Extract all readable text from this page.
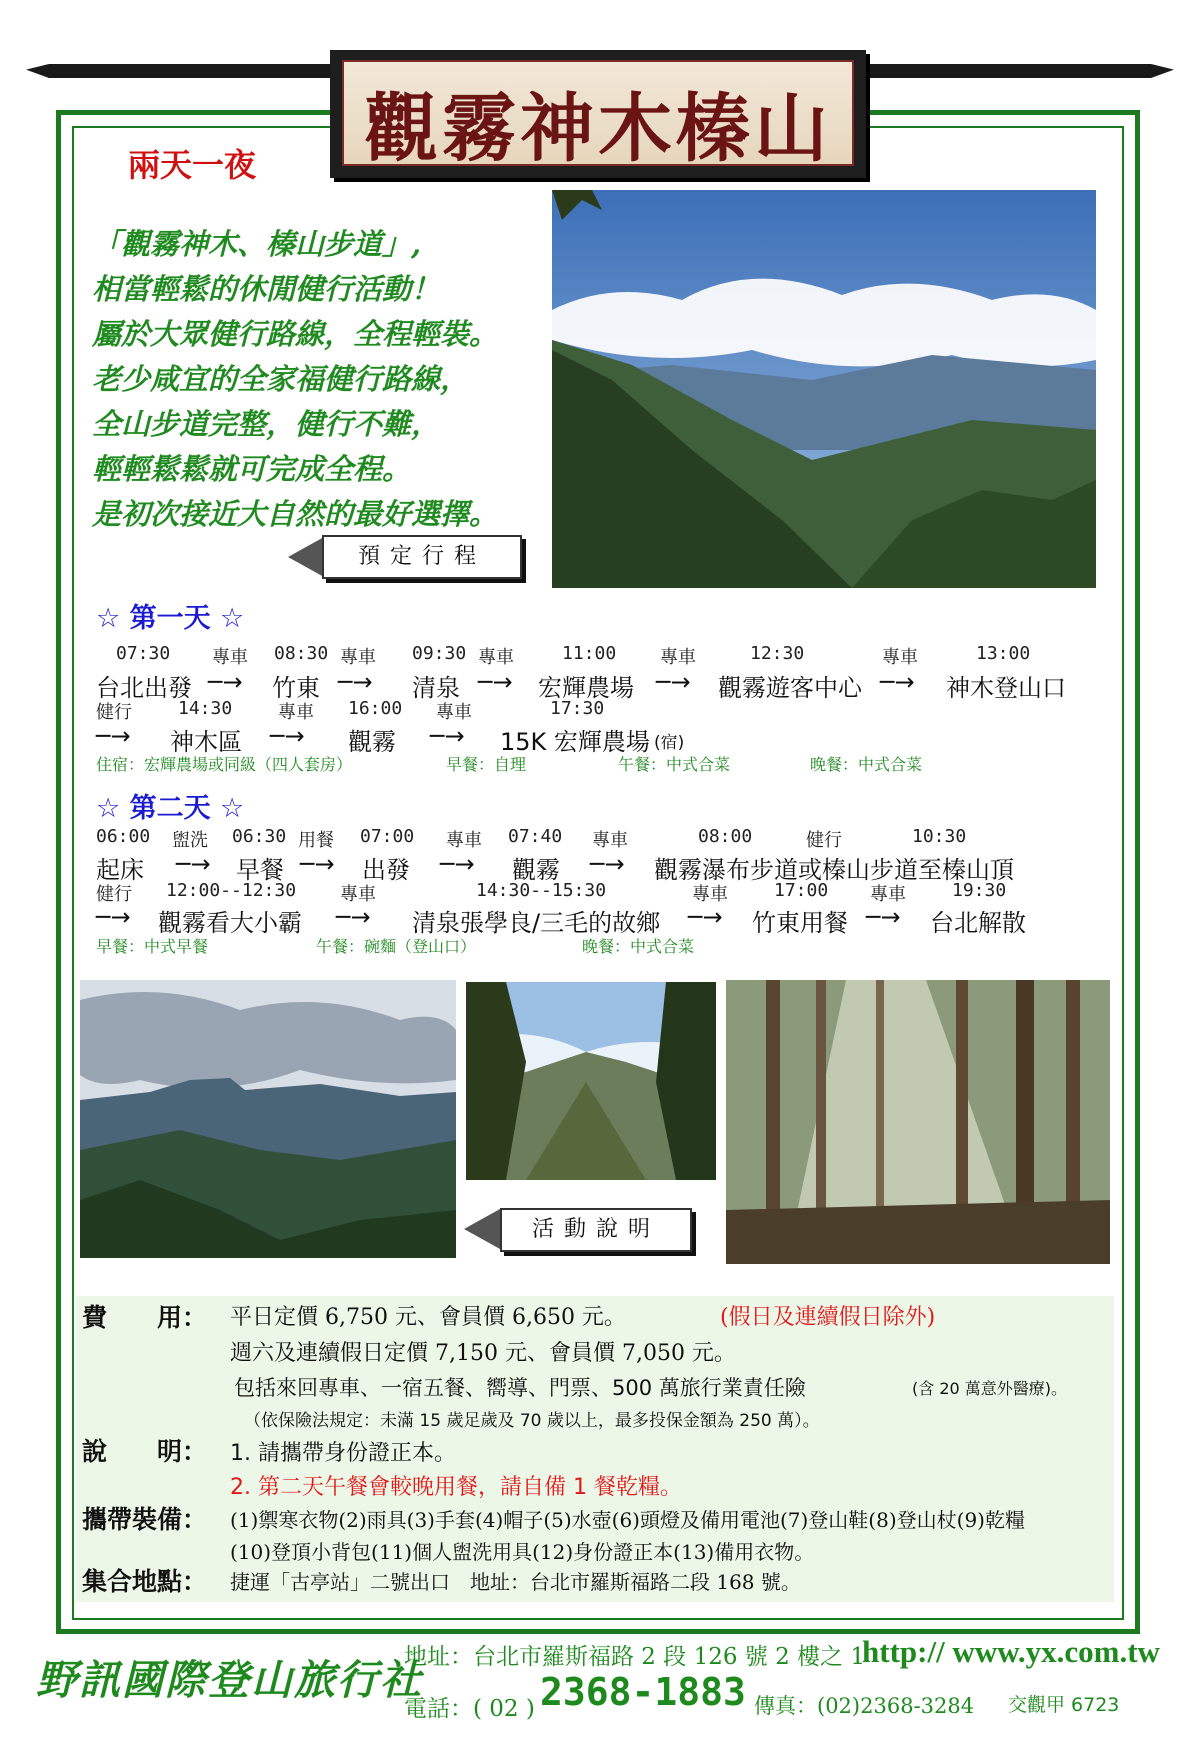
觀霧神木榛山
兩天一夜
「觀霧神木、榛山步道」,
相當輕鬆的休閒健行活動！
屬於大眾健行路線，全程輕裝。
老少咸宜的全家福健行路線，
全山步道完整，健行不難，
輕輕鬆鬆就可完成全程。
是初次接近大自然的最好選擇。
預定行程
☆ 第一天 ☆
07:30 專車 08:30 專車 09:30 專車	11:00 專車	12:30	專車	13:00
台北出發 ─→ 竹東 ─→ 清泉 ─→ 宏輝農場 ─→ 觀霧遊客中心 ─→ 神木登山口
健行	14:30	專車 16:00 專車	17:30
─→ 神木區 ─→ 觀霧 ─→ 15K 宏輝農場 (宿)
住宿：宏輝農場或同級（四人套房）	早餐：自理	午餐：中式合菜	晚餐：中式合菜
☆ 第二天 ☆
06:00 盥洗 06:30 用餐 07:00 專車 07:40 專車	08:00	健行	10:30
起床 ─→ 早餐 ─→ 出發 ─→ 觀霧 ─→ 觀霧瀑布步道或榛山步道至榛山頂
健行 12:00--12:30 專車	14:30--15:30	專車	17:00 專車	19:30
─→ 觀霧看大小霸 ─→ 清泉張學良/三毛的故鄉 ─→ 竹東用餐 ─→ 台北解散
早餐：中式早餐	午餐：碗麵（登山口）	晚餐：中式合菜
活動說明
費　　用： 平日定價 6,750 元、會員價 6,650 元。	(假日及連續假日除外)
週六及連續假日定價 7,150 元、會員價 7,050 元。
包括來回專車、一宿五餐、嚮導、門票、500 萬旅行業責任險	(含 20 萬意外醫療)。
（依保險法規定：未滿 15 歲足歲及 70 歲以上，最多投保金額為 250 萬）。
說　　明： 1. 請攜帶身份證正本。
2. 第二天午餐會較晚用餐，請自備 1 餐乾糧。
攜帶裝備： (1)禦寒衣物(2)雨具(3)手套(4)帽子(5)水壺(6)頭燈及備用電池(7)登山鞋(8)登山杖(9)乾糧
(10)登頂小背包(11)個人盥洗用具(12)身份證正本(13)備用衣物。
集合地點： 捷運「古亭站」二號出口　地址：台北市羅斯福路二段 168 號。
野訊國際登山旅行社
地址：台北市羅斯福路 2 段 126 號 2 樓之 1
http:// www.yx.com.tw
電話：( 02 ) 2368-1883 傳真：(02)2368-3284 交觀甲 6723
